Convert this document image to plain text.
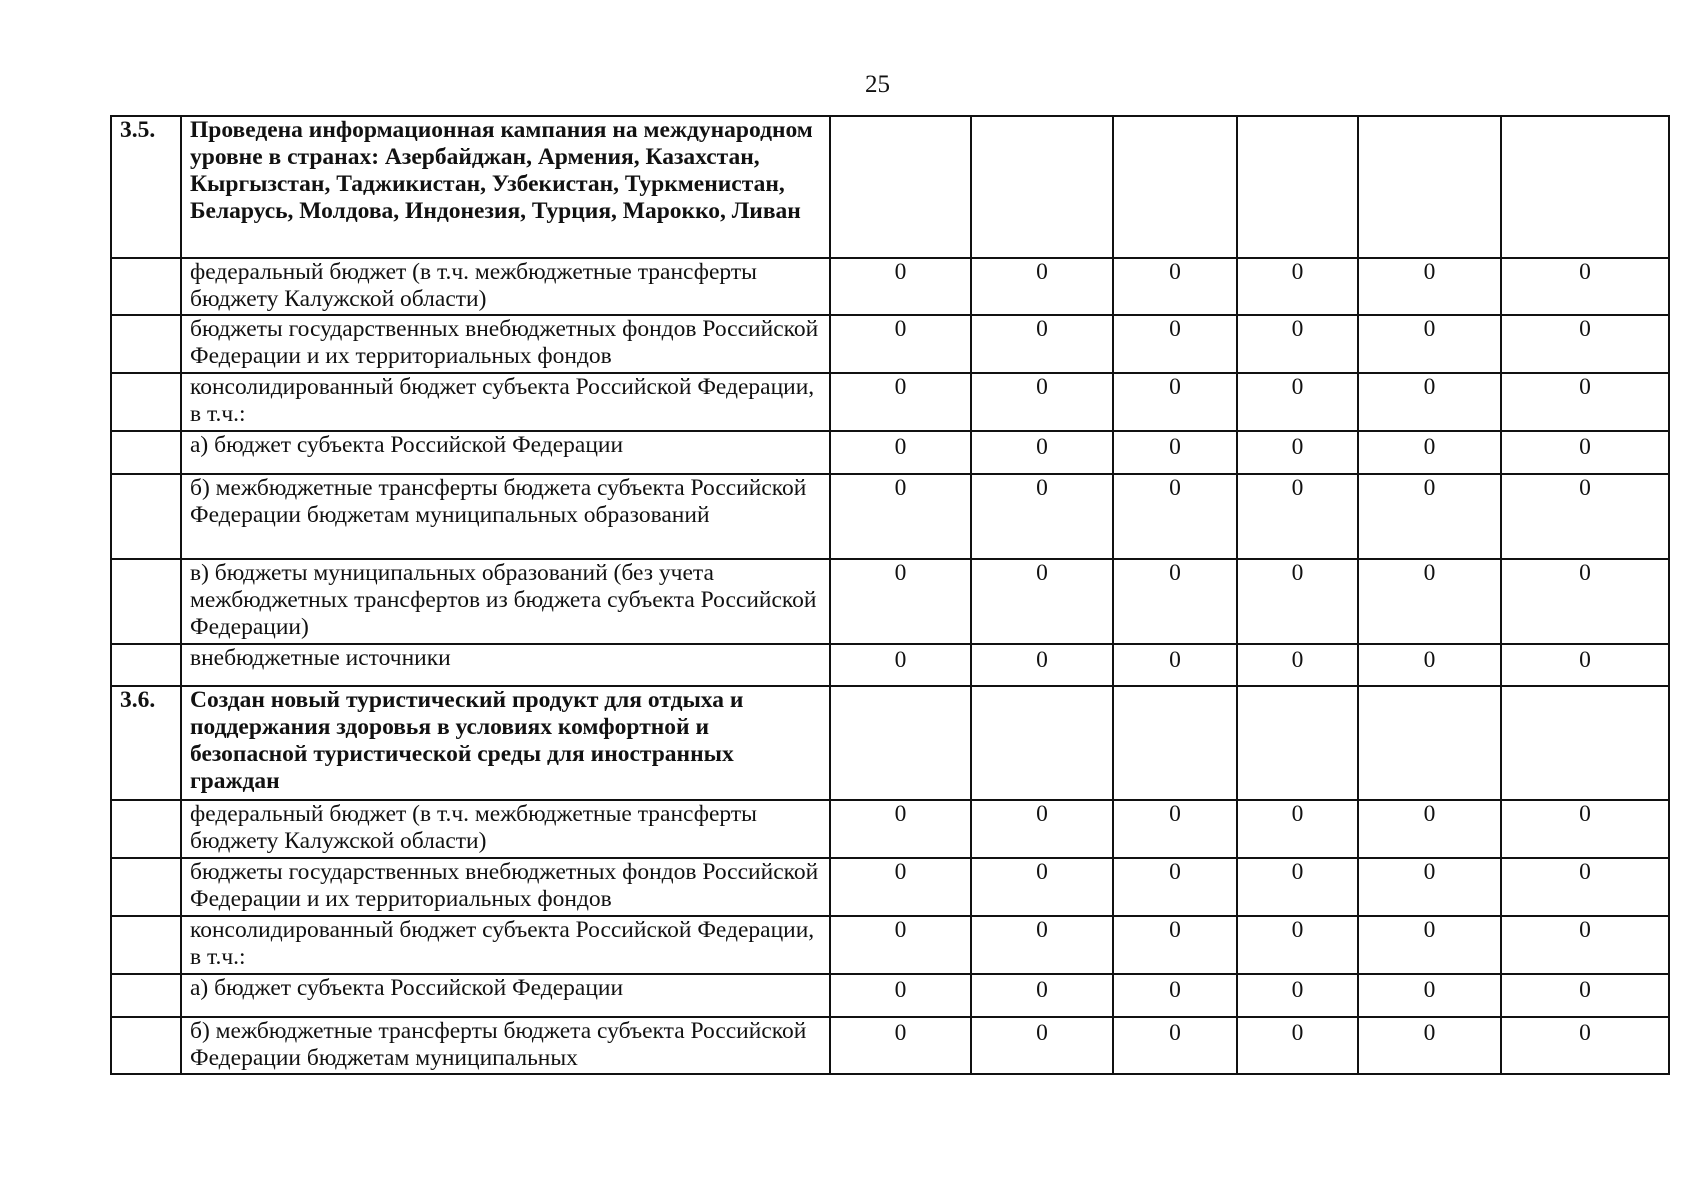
25
3.5.	Проведена информационная кампания на международном уровне в странах: Азербайджан, Армения, Казахстан, Кыргызстан, Таджикистан, Узбекистан, Туркменистан, Беларусь, Молдова, Индонезия, Турция, Марокко, Ливан						
	федеральный бюджет (в т.ч. межбюджетные трансферты бюджету Калужской области)	0	0	0	0	0	0
	бюджеты государственных внебюджетных фондов Российской Федерации и их территориальных фондов	0	0	0	0	0	0
	консолидированный бюджет субъекта Российской Федерации, в т.ч.:	0	0	0	0	0	0
	а) бюджет субъекта Российской Федерации	0	0	0	0	0	0
	б) межбюджетные трансферты бюджета субъекта Российской Федерации бюджетам муниципальных образований	0	0	0	0	0	0
	в) бюджеты муниципальных образований (без учета межбюджетных трансфертов из бюджета субъекта Российской Федерации)	0	0	0	0	0	0
	внебюджетные источники	0	0	0	0	0	0
3.6.	Создан новый туристический продукт для отдыха и поддержания здоровья в условиях комфортной и безопасной туристической среды для иностранных граждан						
	федеральный бюджет (в т.ч. межбюджетные трансферты бюджету Калужской области)	0	0	0	0	0	0
	бюджеты государственных внебюджетных фондов Российской Федерации и их территориальных фондов	0	0	0	0	0	0
	консолидированный бюджет субъекта Российской Федерации, в т.ч.:	0	0	0	0	0	0
	а) бюджет субъекта Российской Федерации	0	0	0	0	0	0
	б) межбюджетные трансферты бюджета субъекта Российской Федерации бюджетам муниципальных	0	0	0	0	0	0
